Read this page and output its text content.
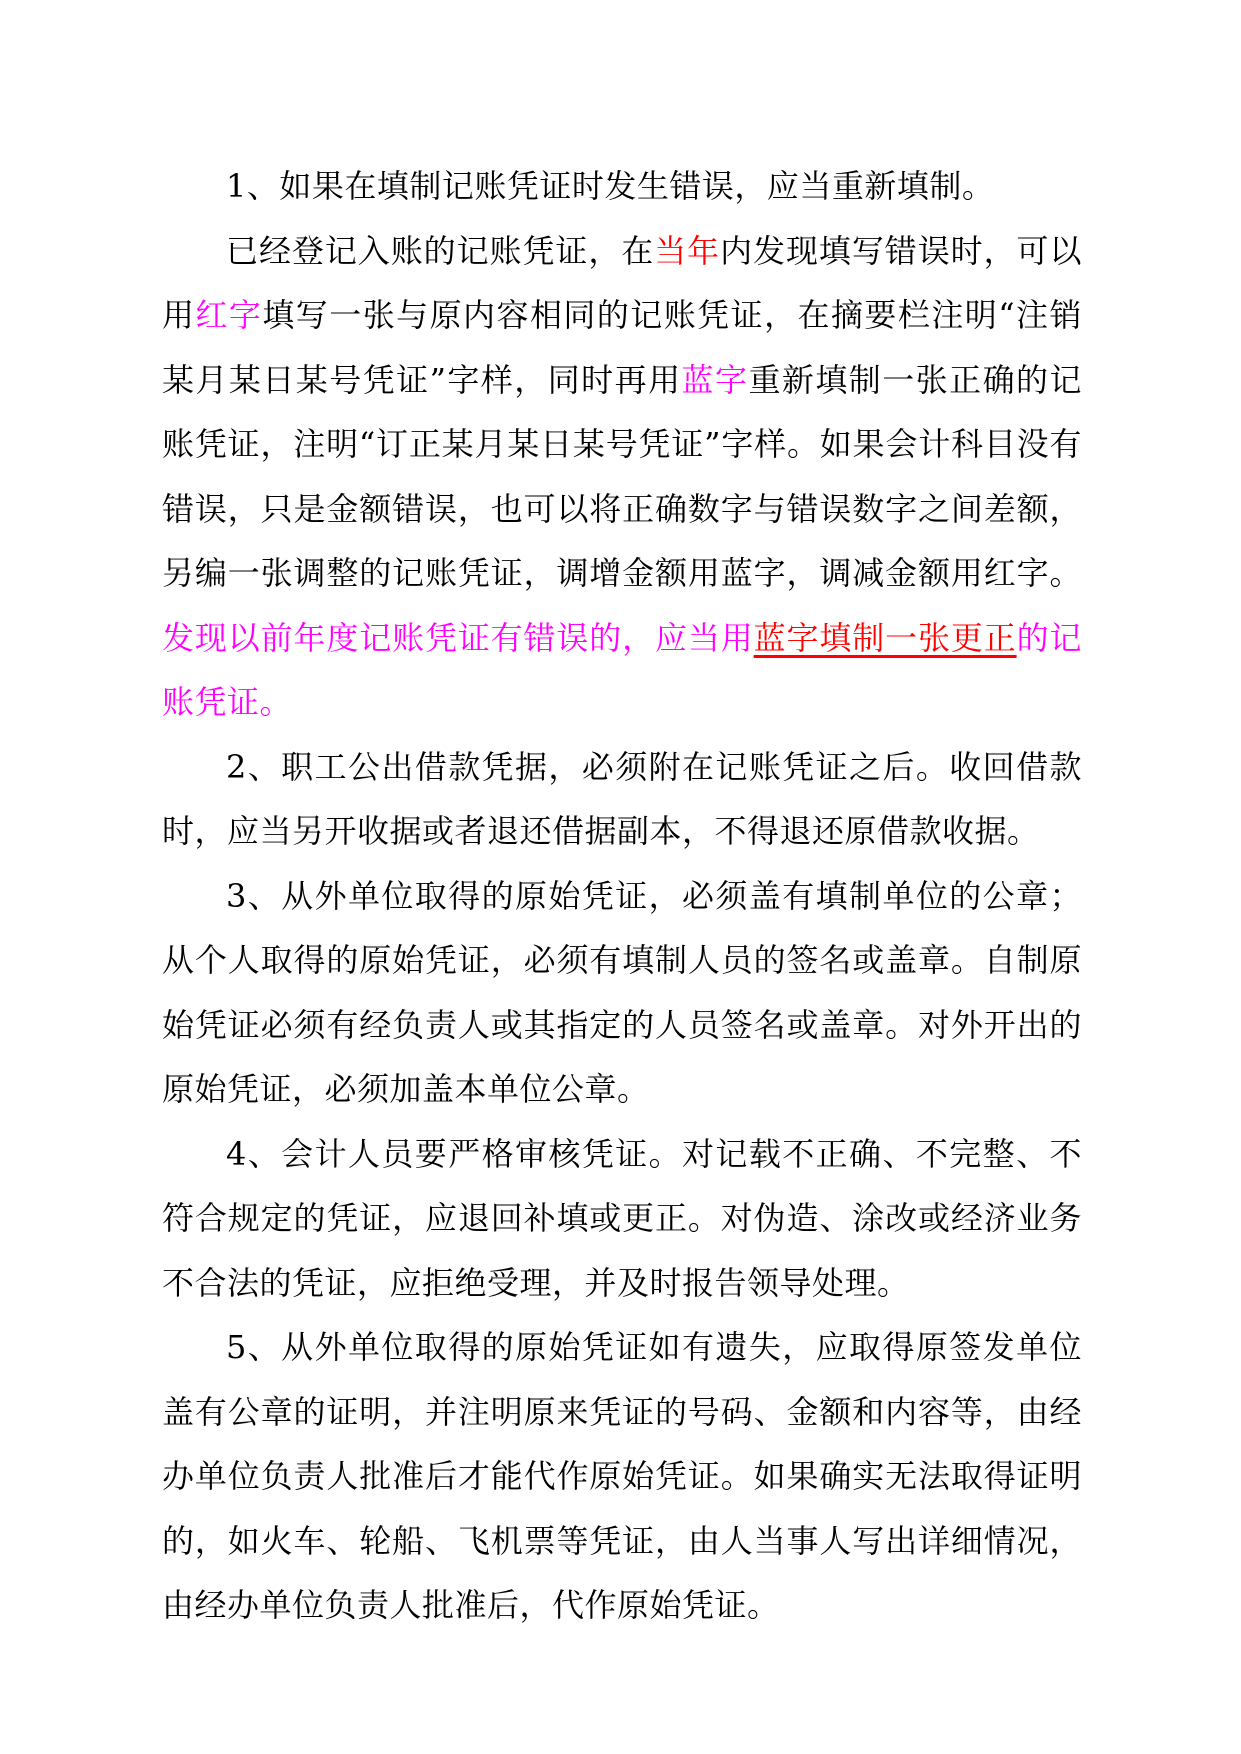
1、如果在填制记账凭证时发生错误，应当重新填制。

已经登记入账的记账凭证，在当年内发现填写错误时，可以用红字填写一张与原内容相同的记账凭证，在摘要栏注明“注销某月某日某号凭证”字样，同时再用蓝字重新填制一张正确的记账凭证，注明“订正某月某日某号凭证”字样。如果会计科目没有错误，只是金额错误，也可以将正确数字与错误数字之间差额，另编一张调整的记账凭证，调增金额用蓝字，调减金额用红字。发现以前年度记账凭证有错误的，应当用蓝字填制一张更正的记账凭证。

2、职工公出借款凭据，必须附在记账凭证之后。收回借款时，应当另开收据或者退还借据副本，不得退还原借款收据。

3、从外单位取得的原始凭证，必须盖有填制单位的公章；从个人取得的原始凭证，必须有填制人员的签名或盖章。自制原始凭证必须有经负责人或其指定的人员签名或盖章。对外开出的原始凭证，必须加盖本单位公章。

4、会计人员要严格审核凭证。对记载不正确、不完整、不符合规定的凭证，应退回补填或更正。对伪造、涂改或经济业务不合法的凭证，应拒绝受理，并及时报告领导处理。

5、从外单位取得的原始凭证如有遗失，应取得原签发单位盖有公章的证明，并注明原来凭证的号码、金额和内容等，由经办单位负责人批准后才能代作原始凭证。如果确实无法取得证明的，如火车、轮船、飞机票等凭证，由人当事人写出详细情况，由经办单位负责人批准后，代作原始凭证。
